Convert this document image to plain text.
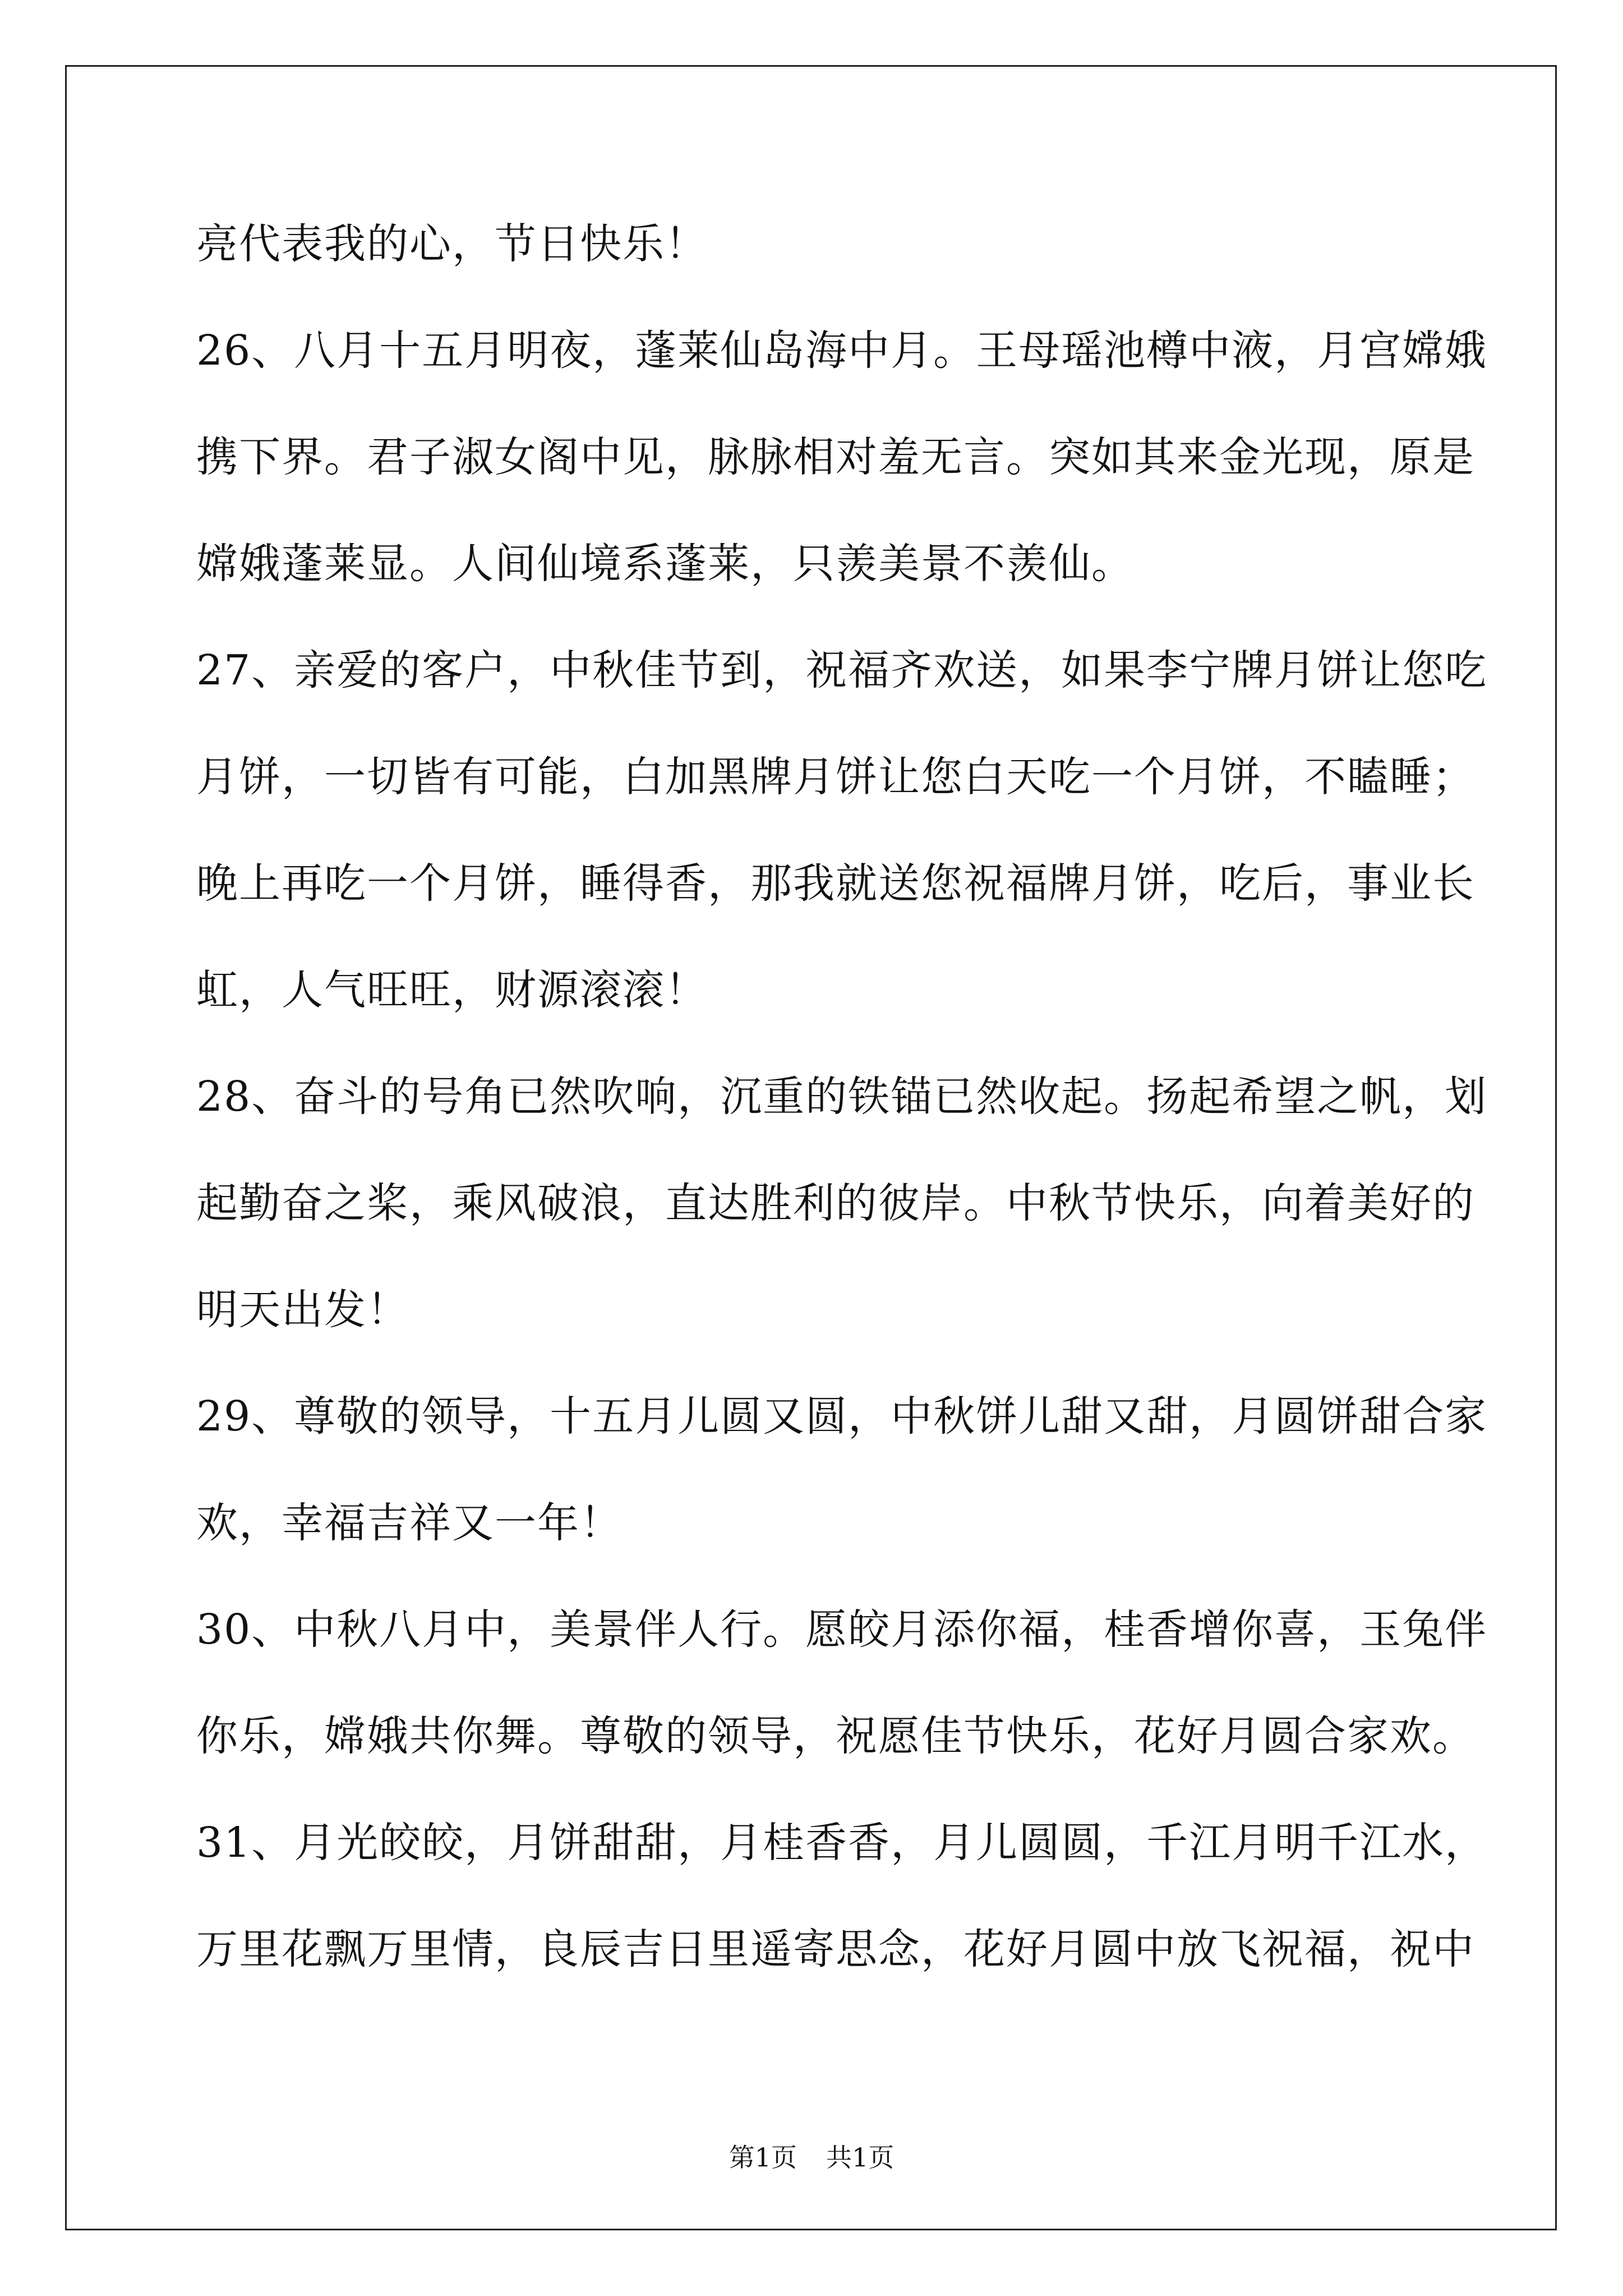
亮代表我的心，节日快乐！
26、八月十五月明夜，蓬莱仙岛海中月。王母瑶池樽中液，月宫嫦娥
携下界。君子淑女阁中见，脉脉相对羞无言。突如其来金光现，原是
嫦娥蓬莱显。人间仙境系蓬莱，只羡美景不羡仙。
27、亲爱的客户，中秋佳节到，祝福齐欢送，如果李宁牌月饼让您吃
月饼，一切皆有可能，白加黑牌月饼让您白天吃一个月饼，不瞌睡；
晚上再吃一个月饼，睡得香，那我就送您祝福牌月饼，吃后，事业长
虹，人气旺旺，财源滚滚！
28、奋斗的号角已然吹响，沉重的铁锚已然收起。扬起希望之帆，划
起勤奋之桨，乘风破浪，直达胜利的彼岸。中秋节快乐，向着美好的
明天出发！
29、尊敬的领导，十五月儿圆又圆，中秋饼儿甜又甜，月圆饼甜合家
欢，幸福吉祥又一年！
30、中秋八月中，美景伴人行。愿皎月添你福，桂香增你喜，玉兔伴
你乐，嫦娥共你舞。尊敬的领导，祝愿佳节快乐，花好月圆合家欢。
31、月光皎皎，月饼甜甜，月桂香香，月儿圆圆，千江月明千江水，
万里花飘万里情，良辰吉日里遥寄思念，花好月圆中放飞祝福，祝中
第1页 共1页
